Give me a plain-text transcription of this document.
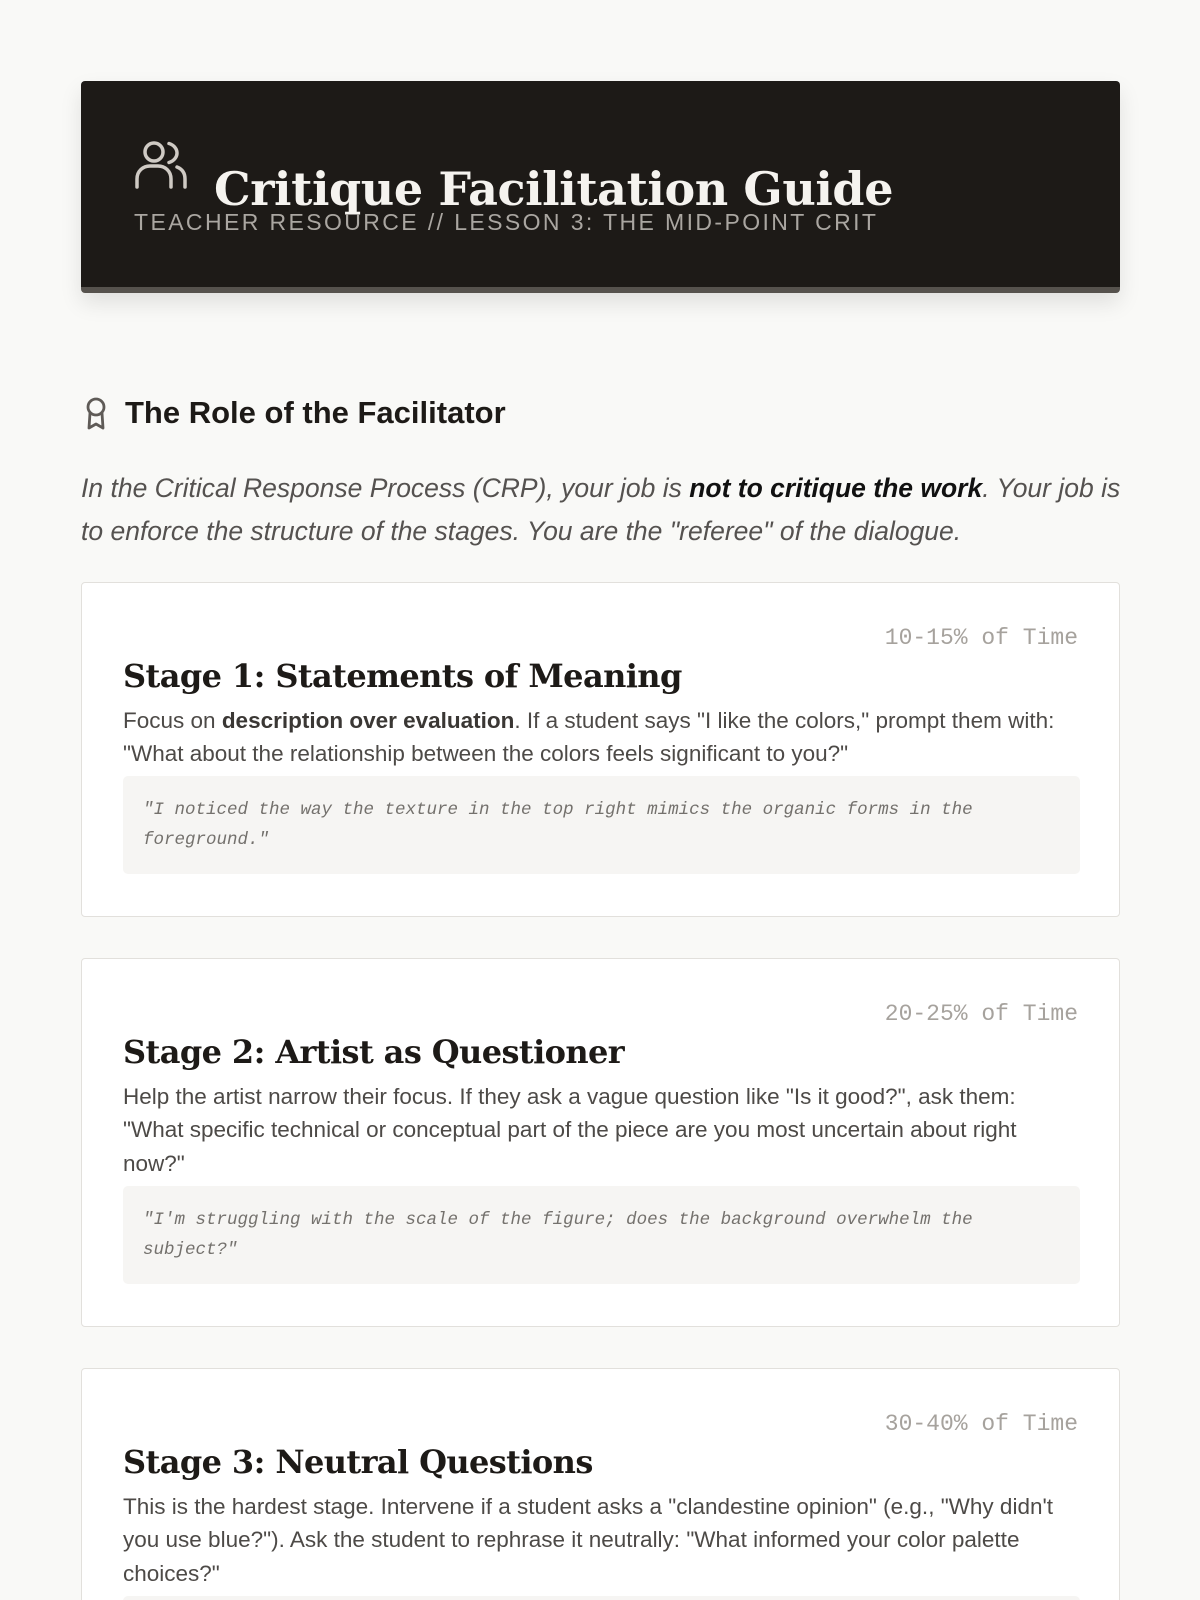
Critique Facilitation Guide
TEACHER RESOURCE // LESSON 3: THE MID-POINT CRIT
The Role of the Facilitator

In the Critical Response Process (CRP), your job is not to critique the work. Your job is to enforce the structure of the stages. You are the "referee" of the dialogue.

Stage 1: Statements of Meaning
10-15% of Time

Focus on description over evaluation. If a student says "I like the colors," prompt them with: "What about the relationship between the colors feels significant to you?"

"I noticed the way the texture in the top right mimics the organic forms in the foreground."
Stage 2: Artist as Questioner
20-25% of Time

Help the artist narrow their focus. If they ask a vague question like "Is it good?", ask them: "What specific technical or conceptual part of the piece are you most uncertain about right now?"

"I'm struggling with the scale of the figure; does the background overwhelm the subject?"
Stage 3: Neutral Questions
30-40% of Time

This is the hardest stage. Intervene if a student asks a "clandestine opinion" (e.g., "Why didn't you use blue?"). Ask the student to rephrase it neutrally: "What informed your color palette choices?"
